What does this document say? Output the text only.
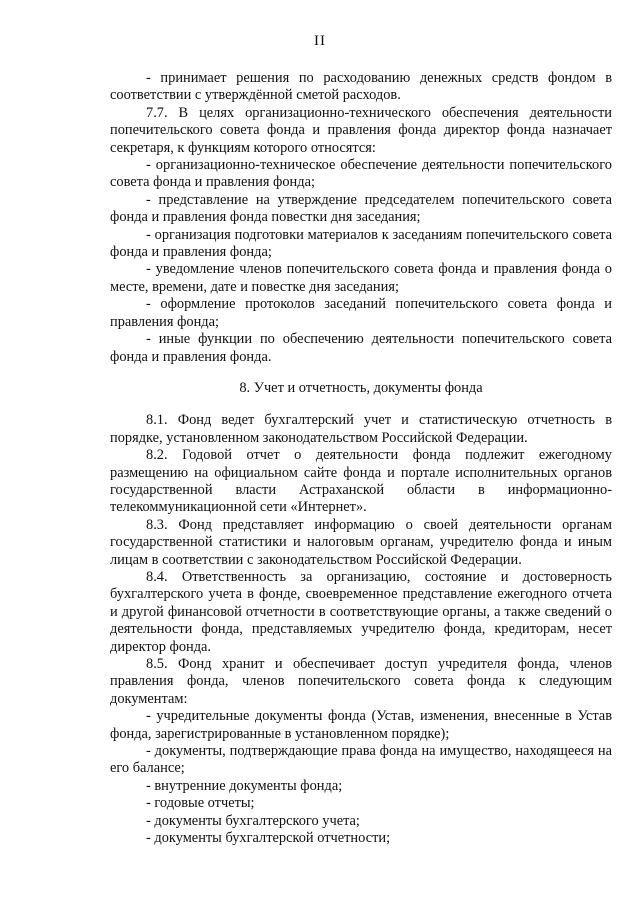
II

- принимает решения по расходованию денежных средств фондом в соответствии с утверждённой сметой расходов.

7.7. В целях организационно-технического обеспечения деятельности попечительского совета фонда и правления фонда директор фонда назначает секретаря, к функциям которого относятся:

- организационно-техническое обеспечение деятельности попечительского совета фонда и правления фонда;

- представление на утверждение председателем попечительского совета фонда и правления фонда повестки дня заседания;

- организация подготовки материалов к заседаниям попечительского совета фонда и правления фонда;

- уведомление членов попечительского совета фонда и правления фонда о месте, времени, дате и повестке дня заседания;

- оформление протоколов заседаний попечительского совета фонда и правления фонда;

- иные функции по обеспечению деятельности попечительского совета фонда и правления фонда.

8. Учет и отчетность, документы фонда

8.1. Фонд ведет бухгалтерский учет и статистическую отчетность в порядке, установленном законодательством Российской Федерации.

8.2. Годовой отчет о деятельности фонда подлежит ежегодному размещению на официальном сайте фонда и портале исполнительных органов государственной власти Астраханской области в информационно-телекоммуникационной сети «Интернет».

8.3. Фонд представляет информацию о своей деятельности органам государственной статистики и налоговым органам, учредителю фонда и иным лицам в соответствии с законодательством Российской Федерации.

8.4. Ответственность за организацию, состояние и достоверность бухгалтерского учета в фонде, своевременное представление ежегодного отчета и другой финансовой отчетности в соответствующие органы, а также сведений о деятельности фонда, представляемых учредителю фонда, кредиторам, несет директор фонда.

8.5. Фонд хранит и обеспечивает доступ учредителя фонда, членов правления фонда, членов попечительского совета фонда к следующим документам:

- учредительные документы фонда (Устав, изменения, внесенные в Устав фонда, зарегистрированные в установленном порядке);

- документы, подтверждающие права фонда на имущество, находящееся на его балансе;

- внутренние документы фонда;

- годовые отчеты;

- документы бухгалтерского учета;

- документы бухгалтерской отчетности;
